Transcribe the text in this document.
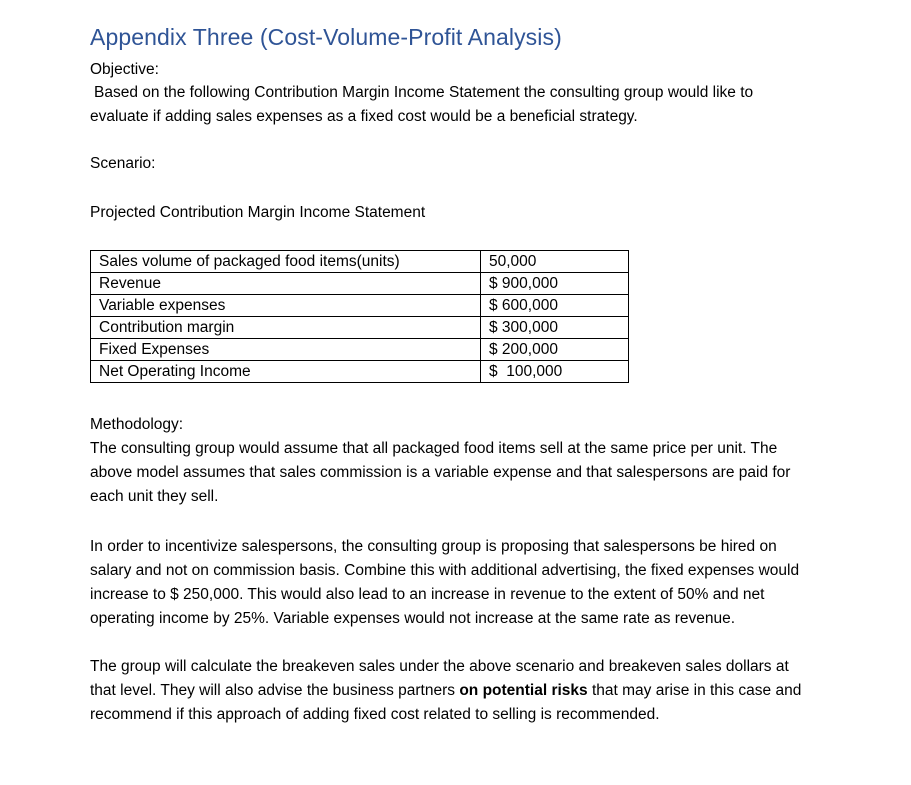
Appendix Three (Cost-Volume-Profit Analysis)
Objective:
Based on the following Contribution Margin Income Statement the consulting group would like to
evaluate if adding sales expenses as a fixed cost would be a beneficial strategy.
Scenario:
Projected Contribution Margin Income Statement
Sales volume of packaged food items(units)	50,000
Revenue	$ 900,000
Variable expenses	$ 600,000
Contribution margin	$ 300,000
Fixed Expenses	$ 200,000
Net Operating Income	$  100,000
Methodology:
The consulting group would assume that all packaged food items sell at the same price per unit. The
above model assumes that sales commission is a variable expense and that salespersons are paid for
each unit they sell.
In order to incentivize salespersons, the consulting group is proposing that salespersons be hired on
salary and not on commission basis. Combine this with additional advertising, the fixed expenses would
increase to $ 250,000. This would also lead to an increase in revenue to the extent of 50% and net
operating income by 25%. Variable expenses would not increase at the same rate as revenue.
The group will calculate the breakeven sales under the above scenario and breakeven sales dollars at
that level. They will also advise the business partners on potential risks that may arise in this case and
recommend if this approach of adding fixed cost related to selling is recommended.
